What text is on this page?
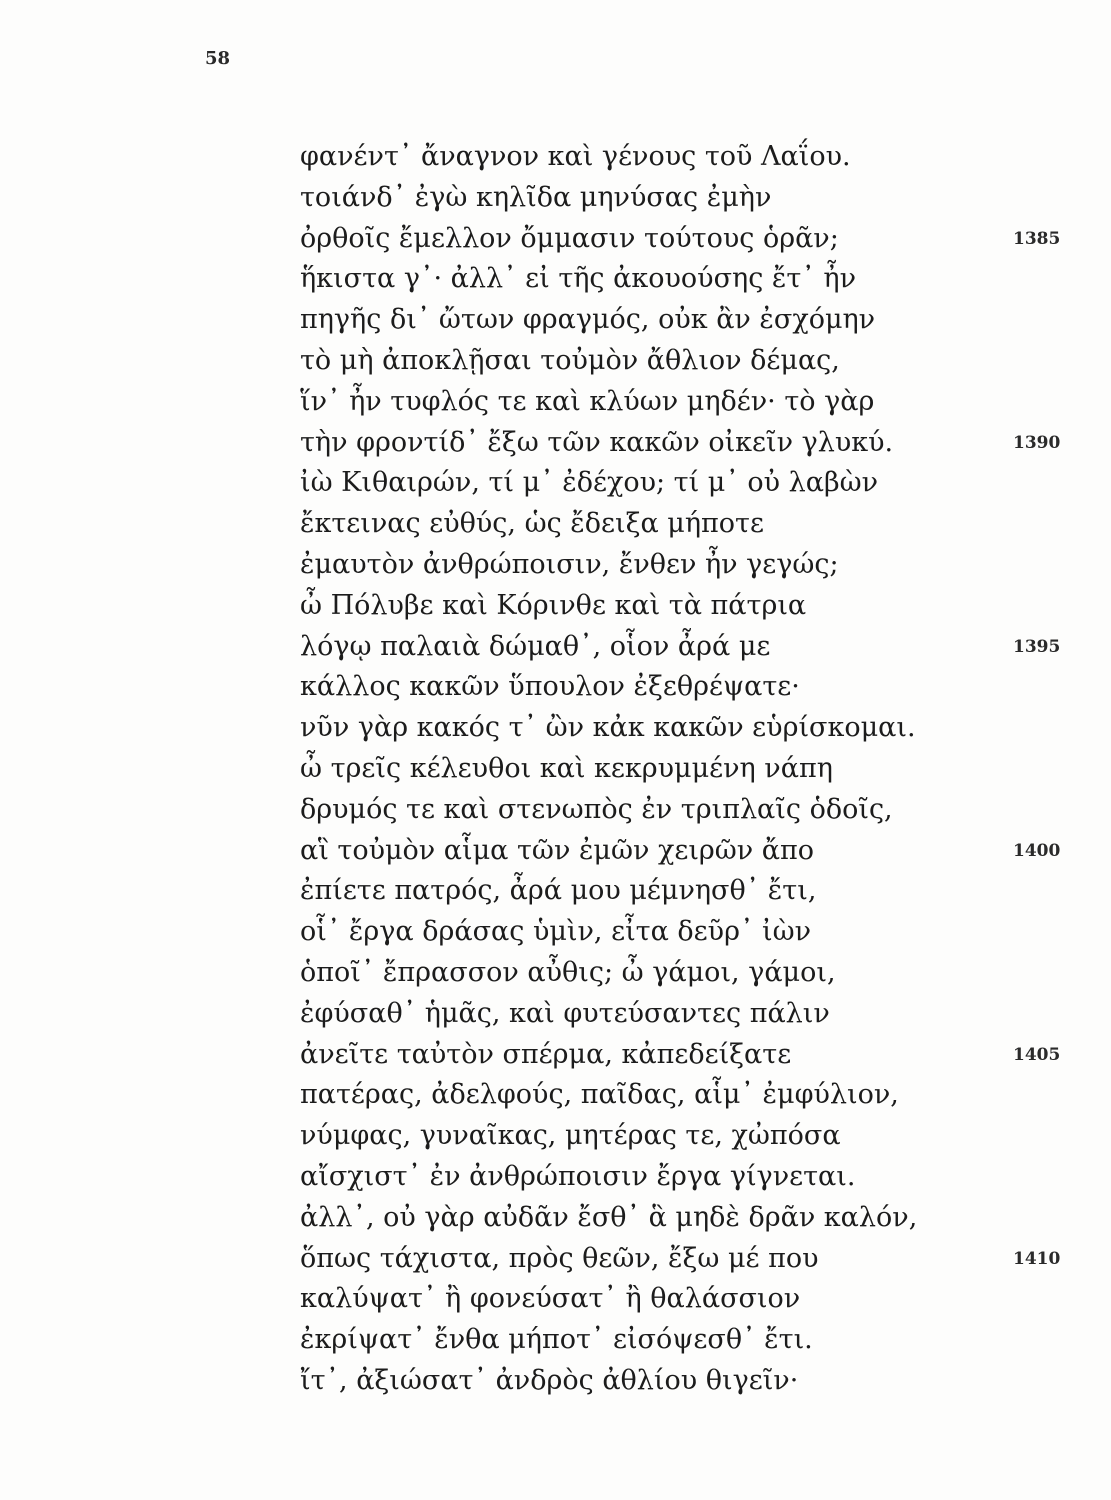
58
φανέντ᾽ ἄναγνον καὶ γένους τοῦ Λαΐου.
τοιάνδ᾽ ἐγὼ κηλῖδα μηνύσας ἐμὴν
ὀρθοῖς ἔμελλον ὄμμασιν τούτους ὁρᾶν;	1385
ἥκιστα γ᾽· ἀλλ᾽ εἰ τῆς ἀκουούσης ἔτ᾽ ἦν
πηγῆς δι᾽ ὤτων φραγμός, οὐκ ἂν ἐσχόμην
τὸ μὴ ἀποκλῇσαι τοὐμὸν ἄθλιον δέμας,
ἵν᾽ ἦν τυφλός τε καὶ κλύων μηδέν· τὸ γὰρ
τὴν φροντίδ᾽ ἔξω τῶν κακῶν οἰκεῖν γλυκύ.	1390
ἰὼ Κιθαιρών, τί μ᾽ ἐδέχου; τί μ᾽ οὐ λαβὼν
ἔκτεινας εὐθύς, ὡς ἔδειξα μήποτε
ἐμαυτὸν ἀνθρώποισιν, ἔνθεν ἦν γεγώς;
ὦ Πόλυβε καὶ Κόρινθε καὶ τὰ πάτρια
λόγῳ παλαιὰ δώμαθ᾽, οἷον ἆρά με	1395
κάλλος κακῶν ὕπουλον ἐξεθρέψατε·
νῦν γὰρ κακός τ᾽ ὢν κἀκ κακῶν εὑρίσκομαι.
ὦ τρεῖς κέλευθοι καὶ κεκρυμμένη νάπη
δρυμός τε καὶ στενωπὸς ἐν τριπλαῖς ὁδοῖς,
αἳ τοὐμὸν αἷμα τῶν ἐμῶν χειρῶν ἄπο	1400
ἐπίετε πατρός, ἆρά μου μέμνησθ᾽ ἔτι,
οἷ᾽ ἔργα δράσας ὑμὶν, εἶτα δεῦρ᾽ ἰὼν
ὁποῖ᾽ ἔπρασσον αὖθις; ὦ γάμοι, γάμοι,
ἐφύσαθ᾽ ἡμᾶς, καὶ φυτεύσαντες πάλιν
ἀνεῖτε ταὐτὸν σπέρμα, κἀπεδείξατε	1405
πατέρας, ἀδελφούς, παῖδας, αἷμ᾽ ἐμφύλιον,
νύμφας, γυναῖκας, μητέρας τε, χὠπόσα
αἴσχιστ᾽ ἐν ἀνθρώποισιν ἔργα γίγνεται.
ἀλλ᾽, οὐ γὰρ αὐδᾶν ἔσθ᾽ ἃ μηδὲ δρᾶν καλόν,
ὅπως τάχιστα, πρὸς θεῶν, ἔξω μέ που	1410
καλύψατ᾽ ἢ φονεύσατ᾽ ἢ θαλάσσιον
ἐκρίψατ᾽ ἔνθα μήποτ᾽ εἰσόψεσθ᾽ ἔτι.
ἴτ᾽, ἀξιώσατ᾽ ἀνδρὸς ἀθλίου θιγεῖν·
